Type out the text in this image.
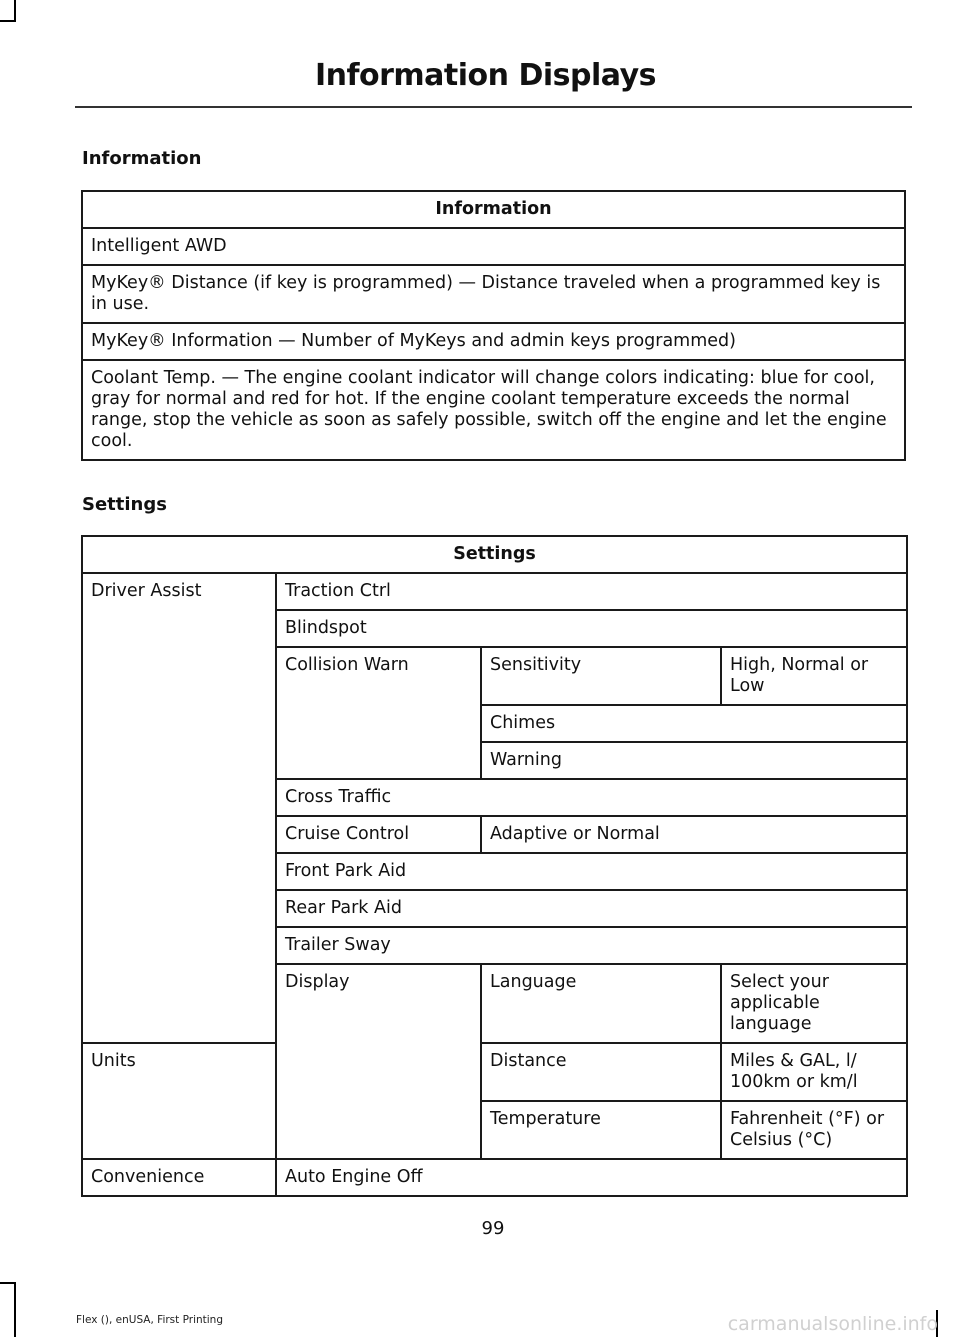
Information Displays
Information
Information
Intelligent AWD
MyKey® Distance (if key is programmed) — Distance traveled when a programmed key is in use.
MyKey® Information — Number of MyKeys and admin keys programmed)
Coolant Temp. — The engine coolant indicator will change colors indicating: blue for cool, gray for normal and red for hot. If the engine coolant temperature exceeds the normal range, stop the vehicle as soon as safely possible, switch off the engine and let the engine cool.
Settings
Settings			
Driver Assist	Traction Ctrl		
	Blindspot		
	Collision Warn	Sensitivity	High, Normal or Low
		Chimes	
		Warning	
	Cross Traffic		
	Cruise Control	Adaptive or Normal	
	Front Park Aid		
	Rear Park Aid		
	Trailer Sway		
	Display	Language	Select your applicable language
Units		Distance	Miles & GAL, l/ 100km or km/l
		Temperature	Fahrenheit (°F) or Celsius (°C)
Convenience	Auto Engine Off		
99
Flex (), enUSA, First Printing	carmanualsonline.info
